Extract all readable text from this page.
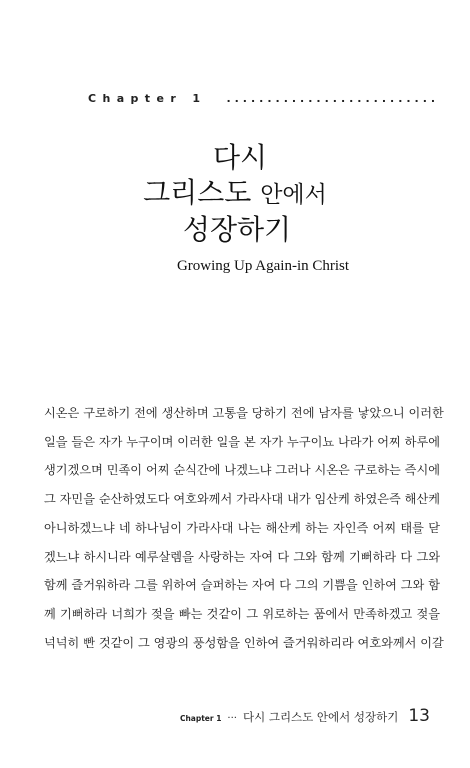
Chapter 1 ..........................
다시
그리스도 안에서
성장하기
Growing Up Again-in Christ
시온은 구로하기 전에 생산하며 고통을 당하기 전에 남자를 낳았으니 이러한
일을 들은 자가 누구이며 이러한 일을 본 자가 누구이뇨 나라가 어찌 하루에
생기겠으며 민족이 어찌 순식간에 나겠느냐 그러나 시온은 구로하는 즉시에
그 자민을 순산하였도다 여호와께서 가라사대 내가 임산케 하였은즉 해산케
아니하겠느냐 네 하나님이 가라사대 나는 해산케 하는 자인즉 어찌 태를 닫
겠느냐 하시니라 예루살렘을 사랑하는 자여 다 그와 함께 기뻐하라 다 그와
함께 즐거워하라 그를 위하여 슬퍼하는 자여 다 그의 기쁨을 인하여 그와 함
께 기뻐하라 너희가 젖을 빠는 것같이 그 위로하는 품에서 만족하겠고 젖을
넉넉히 빤 것같이 그 영광의 풍성함을 인하여 즐거워하리라 여호와께서 이갈
Chapter 1 ··· 다시 그리스도 안에서 성장하기 13
